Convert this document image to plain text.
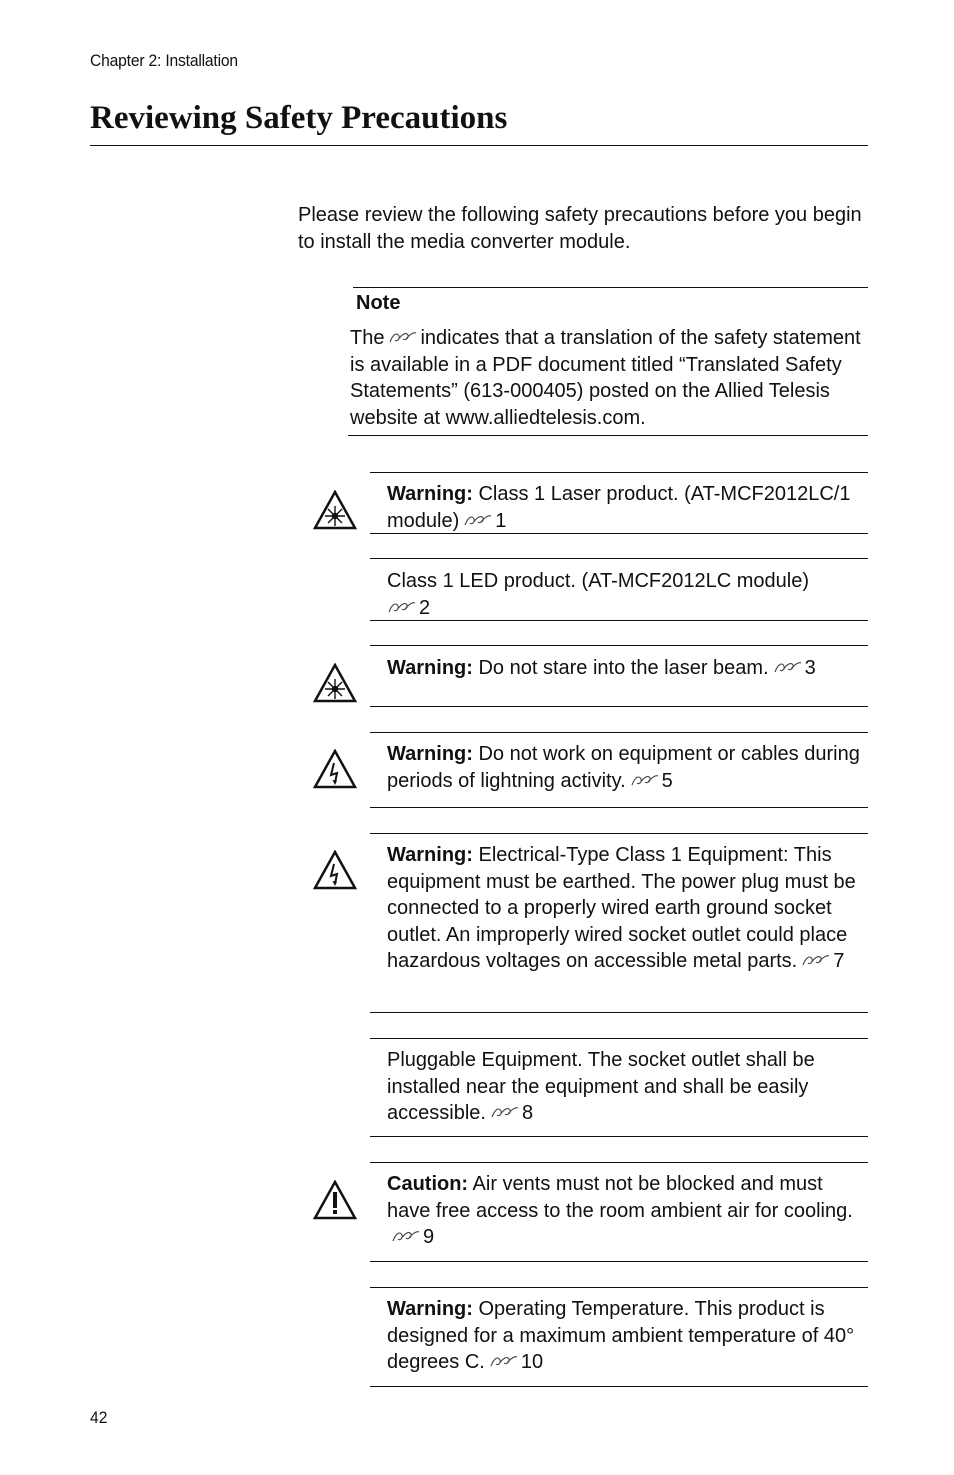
Chapter 2: Installation
Reviewing Safety Precautions
Please review the following safety precautions before you begin to install the media converter module.
Note
The indicates that a translation of the safety statement is available in a PDF document titled “Translated Safety Statements” (613-000405) posted on the Allied Telesis website at www.alliedtelesis.com.
Warning: Class 1 Laser product. (AT-MCF2012LC/1 module) 1
Class 1 LED product. (AT-MCF2012LC module)

2
Warning: Do not stare into the laser beam. 3
Warning: Do not work on equipment or cables during periods of lightning activity. 5
Warning: Electrical-Type Class 1 Equipment: This equipment must be earthed. The power plug must be connected to a properly wired earth ground socket outlet. An improperly wired socket outlet could place hazardous voltages on accessible metal parts. 7
Pluggable Equipment. The socket outlet shall be installed near the equipment and shall be easily accessible. 8
Caution: Air vents must not be blocked and must have free access to the room ambient air for cooling.
9
Warning: Operating Temperature. This product is designed for a maximum ambient temperature of 40° degrees C. 10
42
